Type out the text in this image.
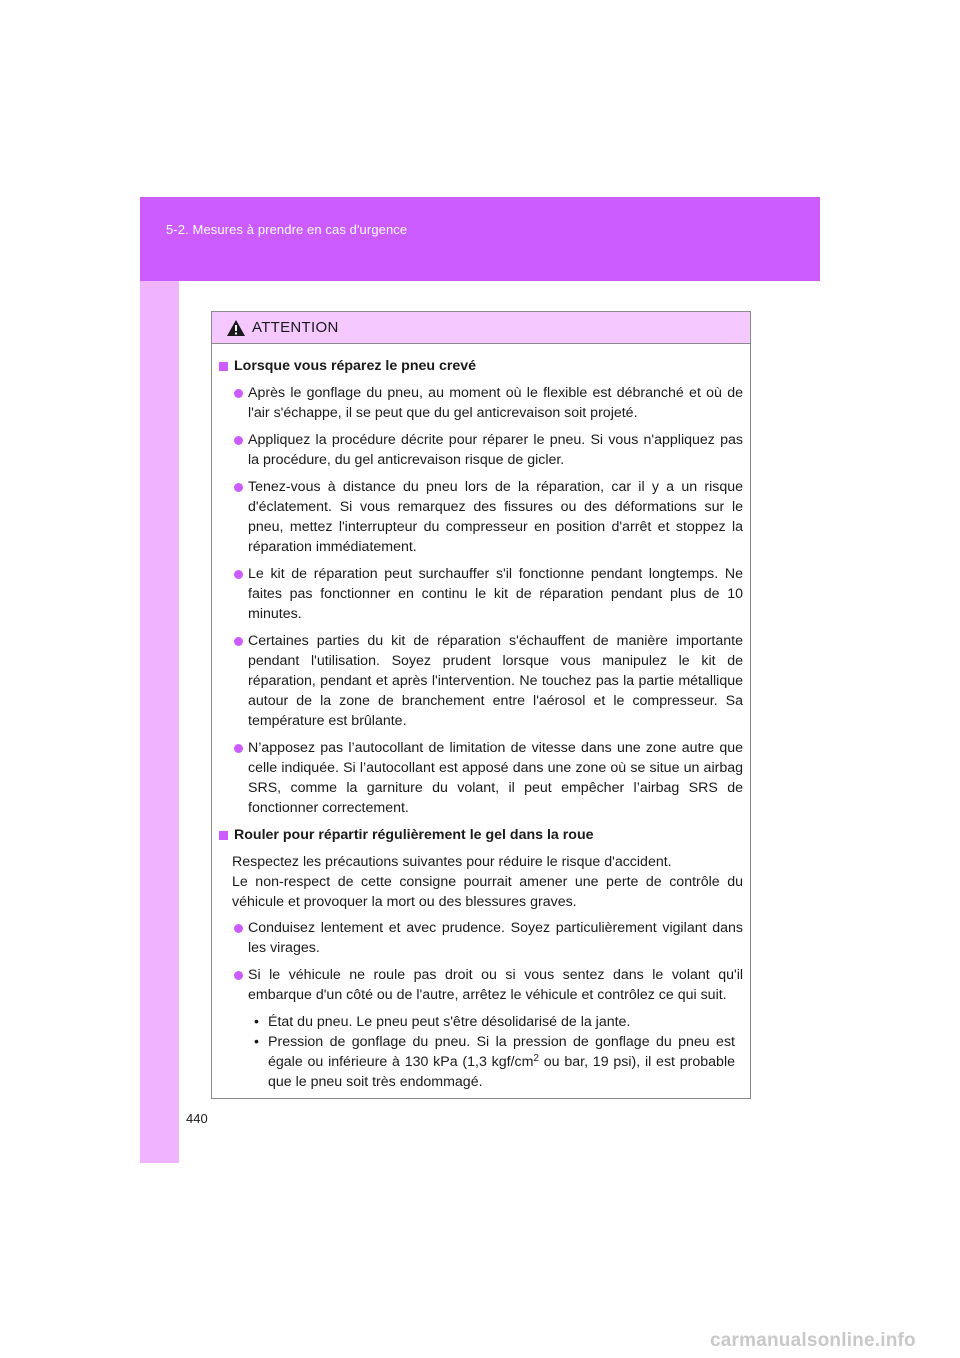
5-2. Mesures à prendre en cas d'urgence
440
ATTENTION
Lorsque vous réparez le pneu crevé
Après le gonflage du pneu, au moment où le flexible est débranché et où de l'air s'échappe, il se peut que du gel anticrevaison soit projeté.
Appliquez la procédure décrite pour réparer le pneu. Si vous n'appliquez pas la procédure, du gel anticrevaison risque de gicler.
Tenez-vous à distance du pneu lors de la réparation, car il y a un risque d'éclatement. Si vous remarquez des fissures ou des déformations sur le pneu, mettez l'interrupteur du compresseur en position d'arrêt et stoppez la réparation immédiatement.
Le kit de réparation peut surchauffer s'il fonctionne pendant longtemps. Ne faites pas fonctionner en continu le kit de réparation pendant plus de 10 minutes.
Certaines parties du kit de réparation s'échauffent de manière importante pendant l'utilisation. Soyez prudent lorsque vous manipulez le kit de réparation, pendant et après l'intervention. Ne touchez pas la partie métallique autour de la zone de branchement entre l'aérosol et le compresseur. Sa température est brûlante.
N’apposez pas l’autocollant de limitation de vitesse dans une zone autre que celle indiquée. Si l’autocollant est apposé dans une zone où se situe un airbag SRS, comme la garniture du volant, il peut empêcher l’airbag SRS de fonctionner correctement.
Rouler pour répartir régulièrement le gel dans la roue
Respectez les précautions suivantes pour réduire le risque d'accident.
Le non-respect de cette consigne pourrait amener une perte de contrôle du véhicule et provoquer la mort ou des blessures graves.
Conduisez lentement et avec prudence. Soyez particulièrement vigilant dans les virages.
Si le véhicule ne roule pas droit ou si vous sentez dans le volant qu'il embarque d'un côté ou de l'autre, arrêtez le véhicule et contrôlez ce qui suit.
• État du pneu. Le pneu peut s'être désolidarisé de la jante.
• Pression de gonflage du pneu. Si la pression de gonflage du pneu est égale ou inférieure à 130 kPa (1,3 kgf/$cm^2$ ou bar, 19 psi), il est probable que le pneu soit très endommagé.
carmanualsonline.info
